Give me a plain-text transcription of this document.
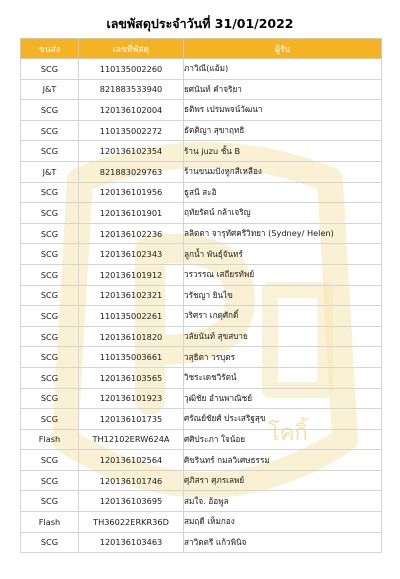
โคกิ้
เลขพัสดุประจำวันที่ 31/01/2022
ขนส่ง	เลขที่พัสดุ	ผู้รับ
SCG	110135002260	ภาวิณี(แอ้ม)
J&T	821883533940	ยศนันท์ คำจริยา
SCG	120136102004	ธติพร เปรมพจน์วัฒนา
SCG	110135002272	ธัตติญา สุขาฤทธิ
SCG	120136102354	ร้าน juzu ชั้น B
J&T	821883029763	ร้านขนมปังหูกสีเหลือง
SCG	120136101956	ธูสนี สะอิ
SCG	120136101901	ฤทัยรัตน์ กล้าเจริญ
SCG	120136102236	ลลิตตา จารุทัศครีวิทยา (Sydney/ Helen)
SCG	120136102343	ลูกน้ำ พันธุ์จันทร์
SCG	120136101912	วรวรรณ เสถียรทัพย์
SCG	120136102321	วรัชญา ยินไข
SCG	110135002261	วริศรา เกตุศักดิ์
SCG	120136101820	วลัยนันท์ สุขสบาย
SCG	110135003661	วสุธิดา วรบุตร
SCG	120136103565	วิชระเดชวิรัตน์
SCG	120136101923	วุฒิชัย อำนพาณิชย์
SCG	120136101735	ศรัณย์ชัยศ์ ประเสริฐสุข
Flash	TH12102ERW624A	ศศิประภา ใจน้อย
SCG	120136102564	ศิขรินทร์ กมลวิเศษธรรม
SCG	120136101746	ศุภิสรา ศุภรเลพย์
SCG	120136103695	สมใจ. อ้อพูล
Flash	TH36022ERKR36D	สมฤดี เห็มกอง
SCG	120136103463	สาวิตตรี แก้วพินิจ
